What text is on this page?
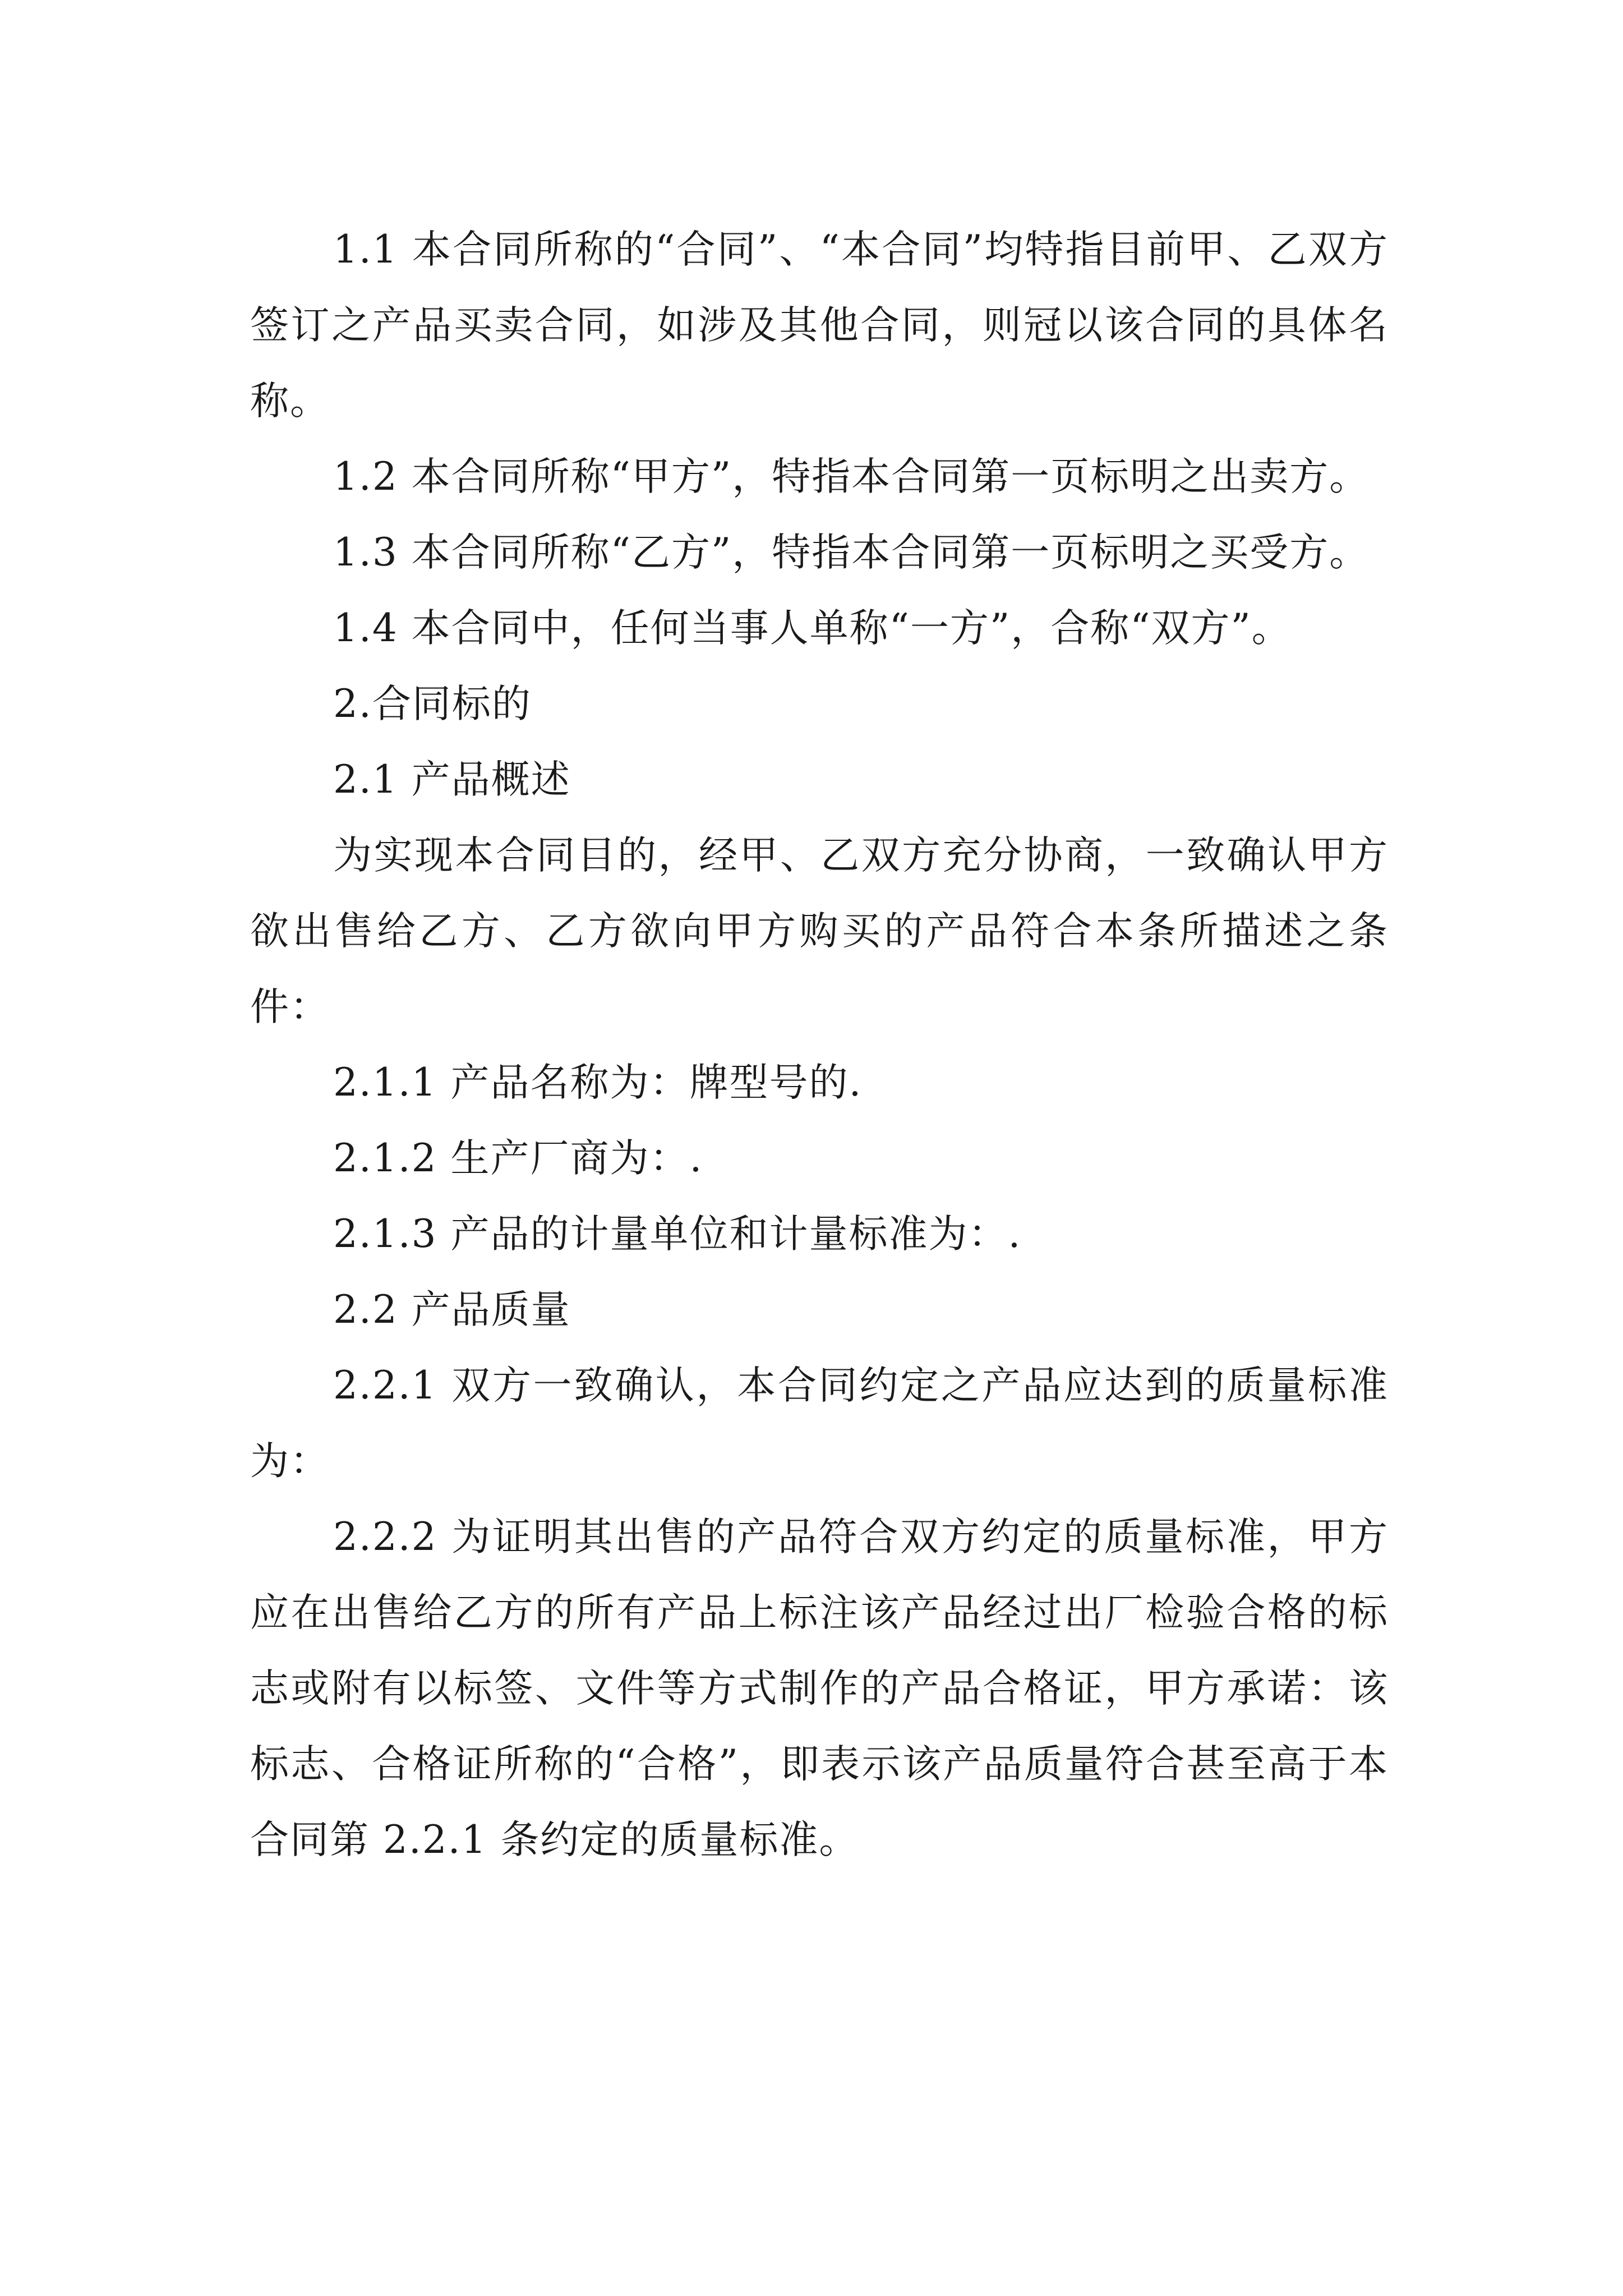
1.1 本合同所称的“合同”、“本合同”均特指目前甲、乙双方签订之产品买卖合同，如涉及其他合同，则冠以该合同的具体名称。

1.2 本合同所称“甲方”，特指本合同第一页标明之出卖方。

1.3 本合同所称“乙方”，特指本合同第一页标明之买受方。

1.4 本合同中，任何当事人单称“一方”，合称“双方”。

2.合同标的

2.1 产品概述

为实现本合同目的，经甲、乙双方充分协商，一致确认甲方欲出售给乙方、乙方欲向甲方购买的产品符合本条所描述之条件：

2.1.1 产品名称为：牌型号的.

2.1.2 生产厂商为：.

2.1.3 产品的计量单位和计量标准为：.

2.2 产品质量

2.2.1 双方一致确认，本合同约定之产品应达到的质量标准为：

2.2.2 为证明其出售的产品符合双方约定的质量标准，甲方应在出售给乙方的所有产品上标注该产品经过出厂检验合格的标志或附有以标签、文件等方式制作的产品合格证，甲方承诺：该标志、合格证所称的“合格”，即表示该产品质量符合甚至高于本合同第 2.2.1 条约定的质量标准。
